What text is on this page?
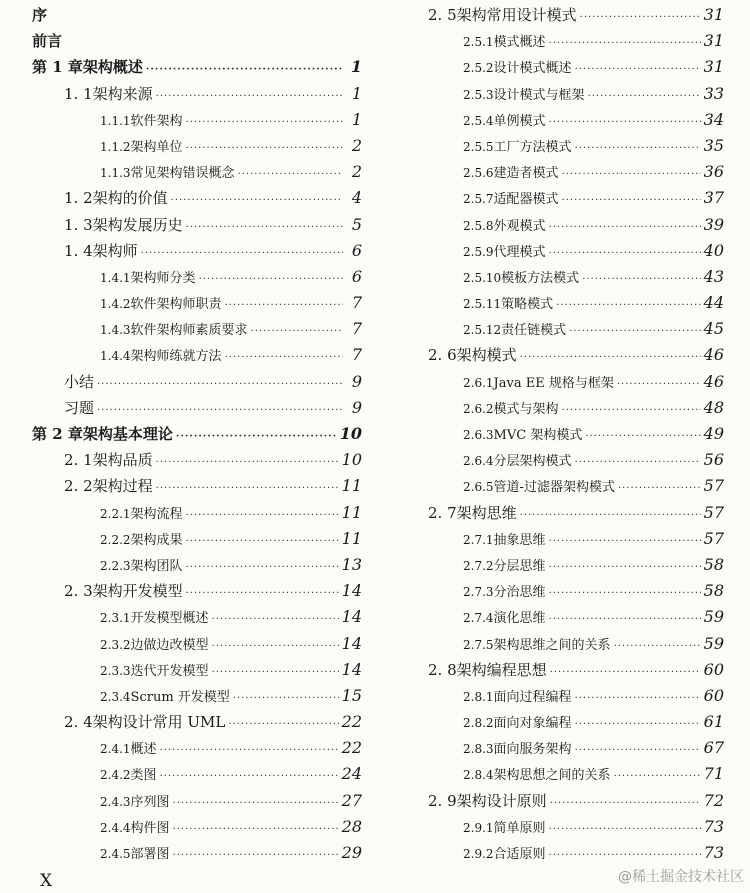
序
前言
第 1 章 架构概述 ·····	1
1. 1 架构来源 ·····	1
1.1.1 软件架构 ·····	1
1.1.2 架构单位 ·····	2
1.1.3 常见架构错误概念 ·····	2
1. 2 架构的价值 ·····	4
1. 3 架构发展历史 ·····	5
1. 4 架构师 ·····	6
1.4.1 架构师分类 ·····	6
1.4.2 软件架构师职责 ·····	7
1.4.3 软件架构师素质要求 ·····	7
1.4.4 架构师练就方法 ·····	7
小结 ·····	9
习题 ·····	9
第 2 章 架构基本理论 ·····	10
2. 1 架构品质 ·····	10
2. 2 架构过程 ·····	11
2.2.1 架构流程 ·····	11
2.2.2 架构成果 ·····	11
2.2.3 架构团队 ·····	13
2. 3 架构开发模型 ·····	14
2.3.1 开发模型概述 ·····	14
2.3.2 边做边改模型 ·····	14
2.3.3 迭代开发模型 ·····	14
2.3.4 Scrum 开发模型 ·····	15
2. 4 架构设计常用 UML ·····	22
2.4.1 概述 ·····	22
2.4.2 类图 ·····	24
2.4.3 序列图 ·····	27
2.4.4 构件图 ·····	28
2.4.5 部署图 ·····	29
2. 5 架构常用设计模式 ·····	31
2.5.1 模式概述 ·····	31
2.5.2 设计模式概述 ·····	31
2.5.3 设计模式与框架 ·····	33
2.5.4 单例模式 ·····	34
2.5.5 工厂方法模式 ·····	35
2.5.6 建造者模式 ·····	36
2.5.7 适配器模式 ·····	37
2.5.8 外观模式 ·····	39
2.5.9 代理模式 ·····	40
2.5.10 模板方法模式 ·····	43
2.5.11 策略模式 ·····	44
2.5.12 责任链模式 ·····	45
2. 6 架构模式 ·····	46
2.6.1 Java EE 规格与框架 ·····	46
2.6.2 模式与架构 ·····	48
2.6.3 MVC 架构模式 ·····	49
2.6.4 分层架构模式 ·····	56
2.6.5 管道-过滤器架构模式 ·····	57
2. 7 架构思维 ·····	57
2.7.1 抽象思维 ·····	57
2.7.2 分层思维 ·····	58
2.7.3 分治思维 ·····	58
2.7.4 演化思维 ·····	59
2.7.5 架构思维之间的关系 ·····	59
2. 8 架构编程思想 ·····	60
2.8.1 面向过程编程 ·····	60
2.8.2 面向对象编程 ·····	61
2.8.3 面向服务架构 ·····	67
2.8.4 架构思想之间的关系 ·····	71
2. 9 架构设计原则 ·····	72
2.9.1 简单原则 ·····	73
2.9.2 合适原则 ·····	73
X	@稀土掘金技术社区
